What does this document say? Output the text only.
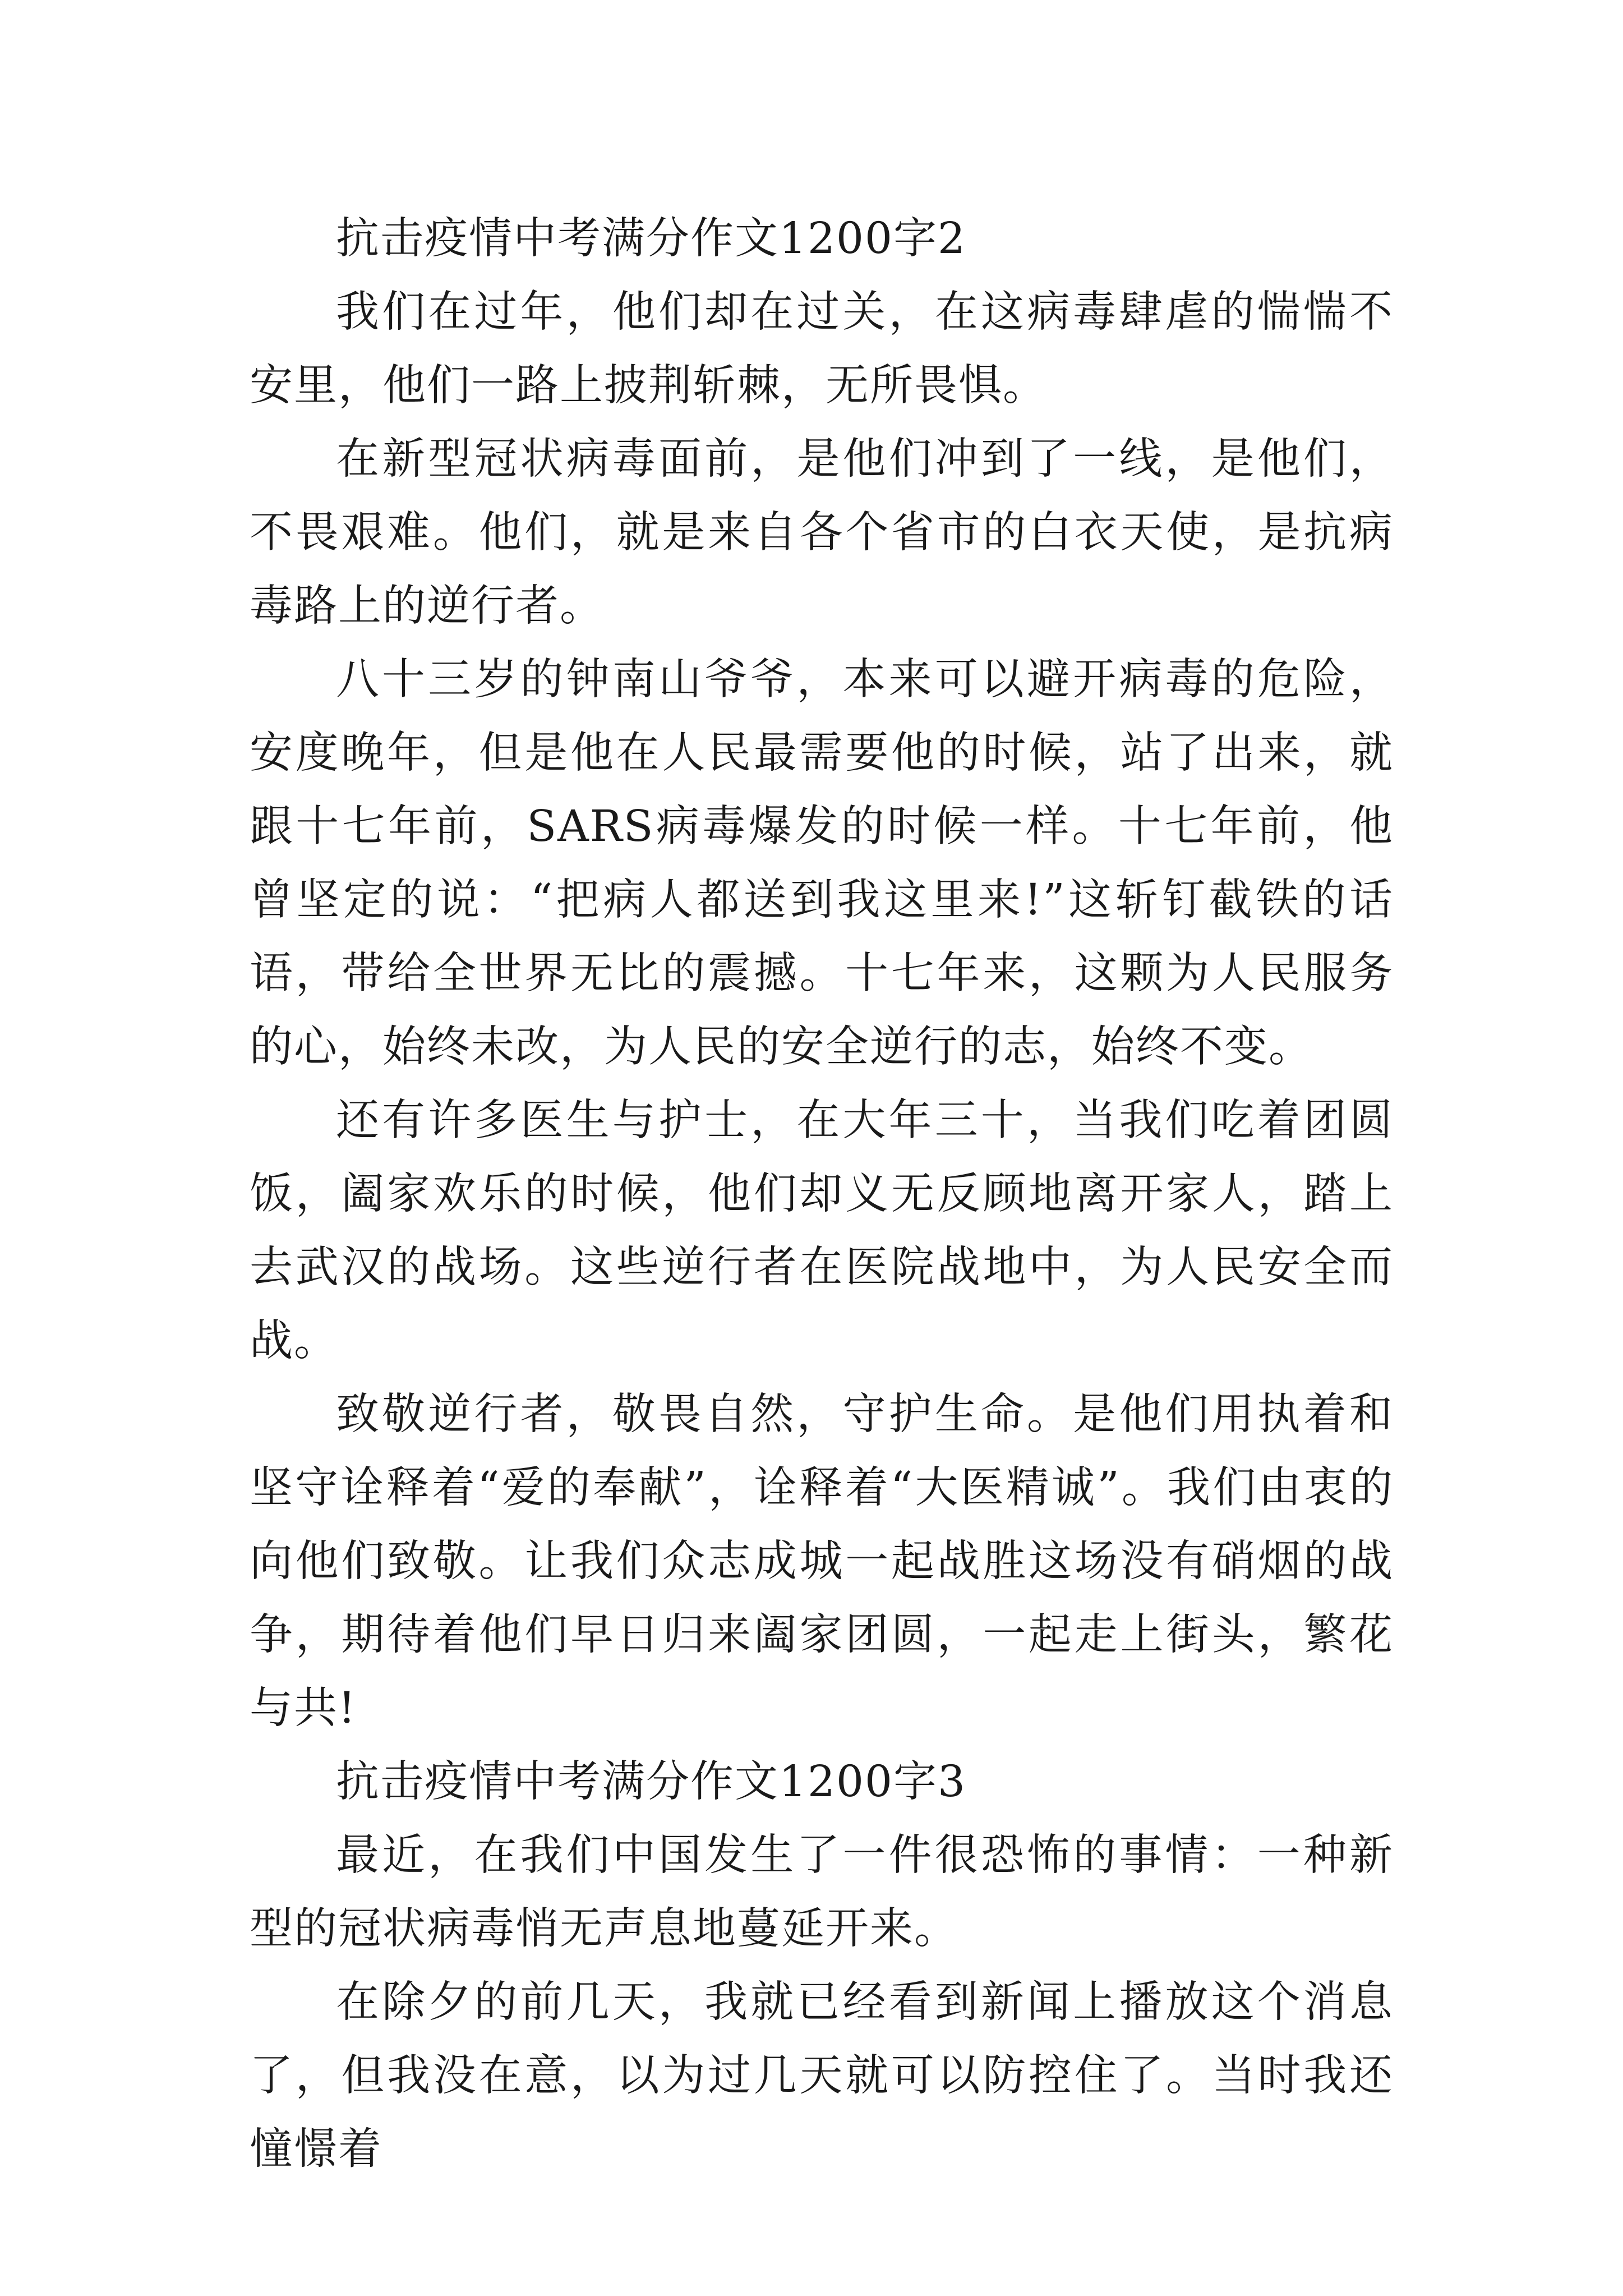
抗击疫情中考满分作文1200字2

我们在过年，他们却在过关，在这病毒肆虐的惴惴不安里，他们一路上披荆斩棘，无所畏惧。

在新型冠状病毒面前，是他们冲到了一线，是他们，不畏艰难。他们，就是来自各个省市的白衣天使，是抗病毒路上的逆行者。

八十三岁的钟南山爷爷，本来可以避开病毒的危险，安度晚年，但是他在人民最需要他的时候，站了出来，就跟十七年前，SARS病毒爆发的时候一样。十七年前，他曾坚定的说：“把病人都送到我这里来!”这斩钉截铁的话语，带给全世界无比的震撼。十七年来，这颗为人民服务的心，始终未改，为人民的安全逆行的志，始终不变。

还有许多医生与护士，在大年三十，当我们吃着团圆饭，阖家欢乐的时候，他们却义无反顾地离开家人，踏上去武汉的战场。这些逆行者在医院战地中，为人民安全而战。

致敬逆行者，敬畏自然，守护生命。是他们用执着和坚守诠释着“爱的奉献”，诠释着“大医精诚”。我们由衷的向他们致敬。让我们众志成城一起战胜这场没有硝烟的战争，期待着他们早日归来阖家团圆，一起走上街头，繁花与共!

抗击疫情中考满分作文1200字3

最近，在我们中国发生了一件很恐怖的事情：一种新型的冠状病毒悄无声息地蔓延开来。

在除夕的前几天，我就已经看到新闻上播放这个消息了，但我没在意，以为过几天就可以防控住了。当时我还憧憬着
